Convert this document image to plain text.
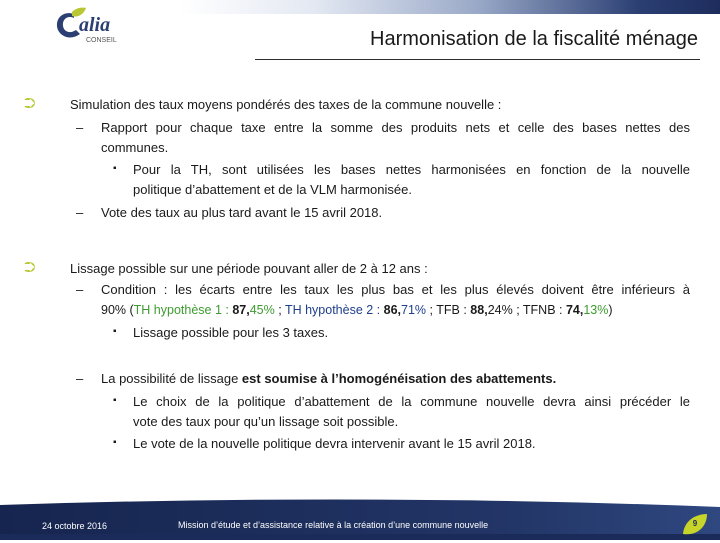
alia
CONSEIL	Harmonisation de la fiscalité ménage
⮊	Simulation des taux moyens pondérés des taxes de la commune nouvelle :

– Rapport pour chaque taxe entre la somme des produits nets et celle des bases nettes des

communes.

▪ Pour la TH, sont utilisées les bases nettes harmonisées en fonction de la nouvelle

politique d’abattement et de la VLM harmonisée.

– Vote des taux au plus tard avant le 15 avril 2018.

⮊	Lissage possible sur une période pouvant aller de 2 à 12 ans :

– Condition : les écarts entre les taux les plus bas et les plus élevés doivent être inférieurs à

90% (TH hypothèse 1 : 87,45% ; TH hypothèse 2 : 86,71% ; TFB : 88,24% ; TFNB : 74,13%)

▪ Lissage possible pour les 3 taxes.

– La possibilité de lissage est soumise à l’homogénéisation des abattements.

▪ Le choix de la politique d’abattement de la commune nouvelle devra ainsi précéder le

vote des taux pour qu’un lissage soit possible.

▪ Le vote de la nouvelle politique devra intervenir avant le 15 avril 2018.

24 octobre 2016	Mission d’étude et d’assistance relative à la création d’une commune nouvelle	9
